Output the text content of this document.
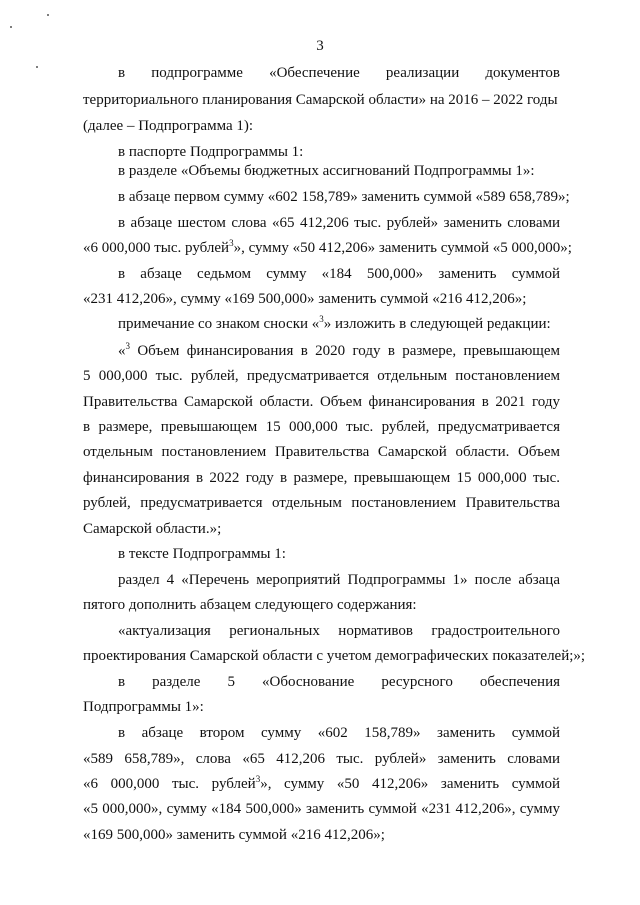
3
в подпрограмме «Обеспечение реализации документов
территориального планирования Самарской области» на 2016 – 2022 годы
(далее – Подпрограмма 1):
в паспорте Подпрограммы 1:
в разделе «Объемы бюджетных ассигнований Подпрограммы 1»:
в абзаце первом сумму «602 158,789» заменить суммой «589 658,789»;
в абзаце шестом слова «65 412,206 тыс. рублей» заменить словами
«6 000,000 тыс. рублей$^3$», сумму «50 412,206» заменить суммой «5 000,000»;
в абзаце седьмом сумму «184 500,000» заменить суммой
«231 412,206», сумму «169 500,000» заменить суммой «216 412,206»;
примечание со знаком сноски «$^3$» изложить в следующей редакции:
«$^3$ Объем финансирования в 2020 году в размере, превышающем
5 000,000 тыс. рублей, предусматривается отдельным постановлением
Правительства Самарской области. Объем финансирования в 2021 году
в размере, превышающем 15 000,000 тыс. рублей, предусматривается
отдельным постановлением Правительства Самарской области. Объем
финансирования в 2022 году в размере, превышающем 15 000,000 тыс.
рублей, предусматривается отдельным постановлением Правительства
Самарской области.»;
в тексте Подпрограммы 1:
раздел 4 «Перечень мероприятий Подпрограммы 1» после абзаца
пятого дополнить абзацем следующего содержания:
«актуализация региональных нормативов градостроительного
проектирования Самарской области с учетом демографических показателей;»;
в разделе 5 «Обоснование ресурсного обеспечения
Подпрограммы 1»:
в абзаце втором сумму «602 158,789» заменить суммой
«589 658,789», слова «65 412,206 тыс. рублей» заменить словами
«6 000,000 тыс. рублей$^3$», сумму «50 412,206» заменить суммой
«5 000,000», сумму «184 500,000» заменить суммой «231 412,206», сумму
«169 500,000» заменить суммой «216 412,206»;
